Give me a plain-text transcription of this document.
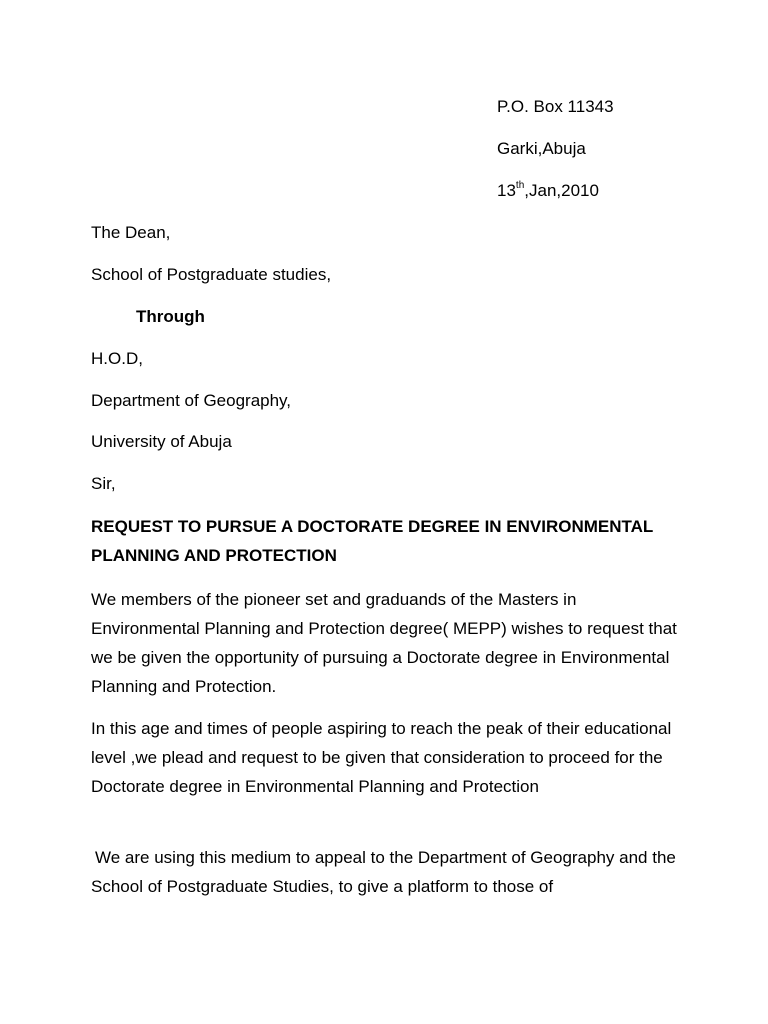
P.O. Box 11343
Garki,Abuja
13th,Jan,2010
The Dean,
School of Postgraduate studies,
Through
H.O.D,
Department of Geography,
University of Abuja
Sir,
REQUEST TO PURSUE A DOCTORATE DEGREE IN ENVIRONMENTAL PLANNING AND PROTECTION
We members of the pioneer set and graduands of the Masters in Environmental Planning and Protection degree( MEPP) wishes to request that we be given the opportunity of pursuing a Doctorate degree in Environmental Planning and Protection.
In this age and times of people aspiring to reach the peak of their educational level ,we plead and request to be given that consideration to proceed for the Doctorate degree in Environmental Planning and Protection
We are using this medium to appeal to the Department of Geography and the School of Postgraduate Studies, to give a platform to those of
